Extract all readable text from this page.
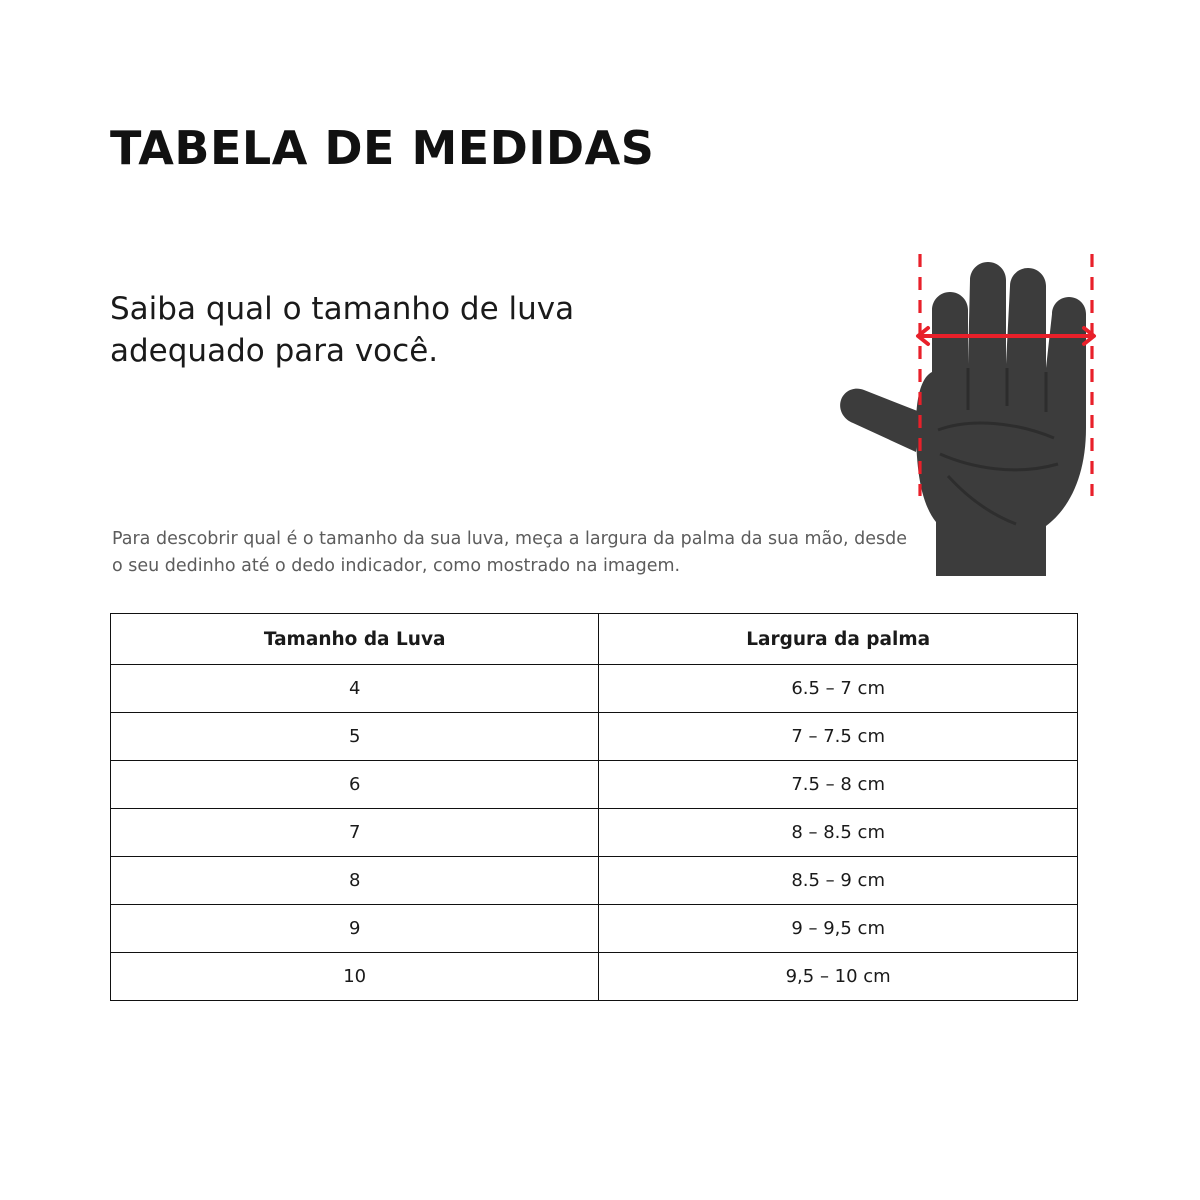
TABELA DE MEDIDAS

Saiba qual o tamanho de luva adequado para você.

Para descobrir qual é o tamanho da sua luva, meça a largura da palma da sua mão, desde o seu dedinho até o dedo indicador, como mostrado na imagem.

Tamanho da Luva	Largura da palma
4	6.5 – 7 cm
5	7 – 7.5 cm
6	7.5 – 8 cm
7	8 – 8.5 cm
8	8.5 – 9 cm
9	9 – 9,5 cm
10	9,5 – 10 cm
